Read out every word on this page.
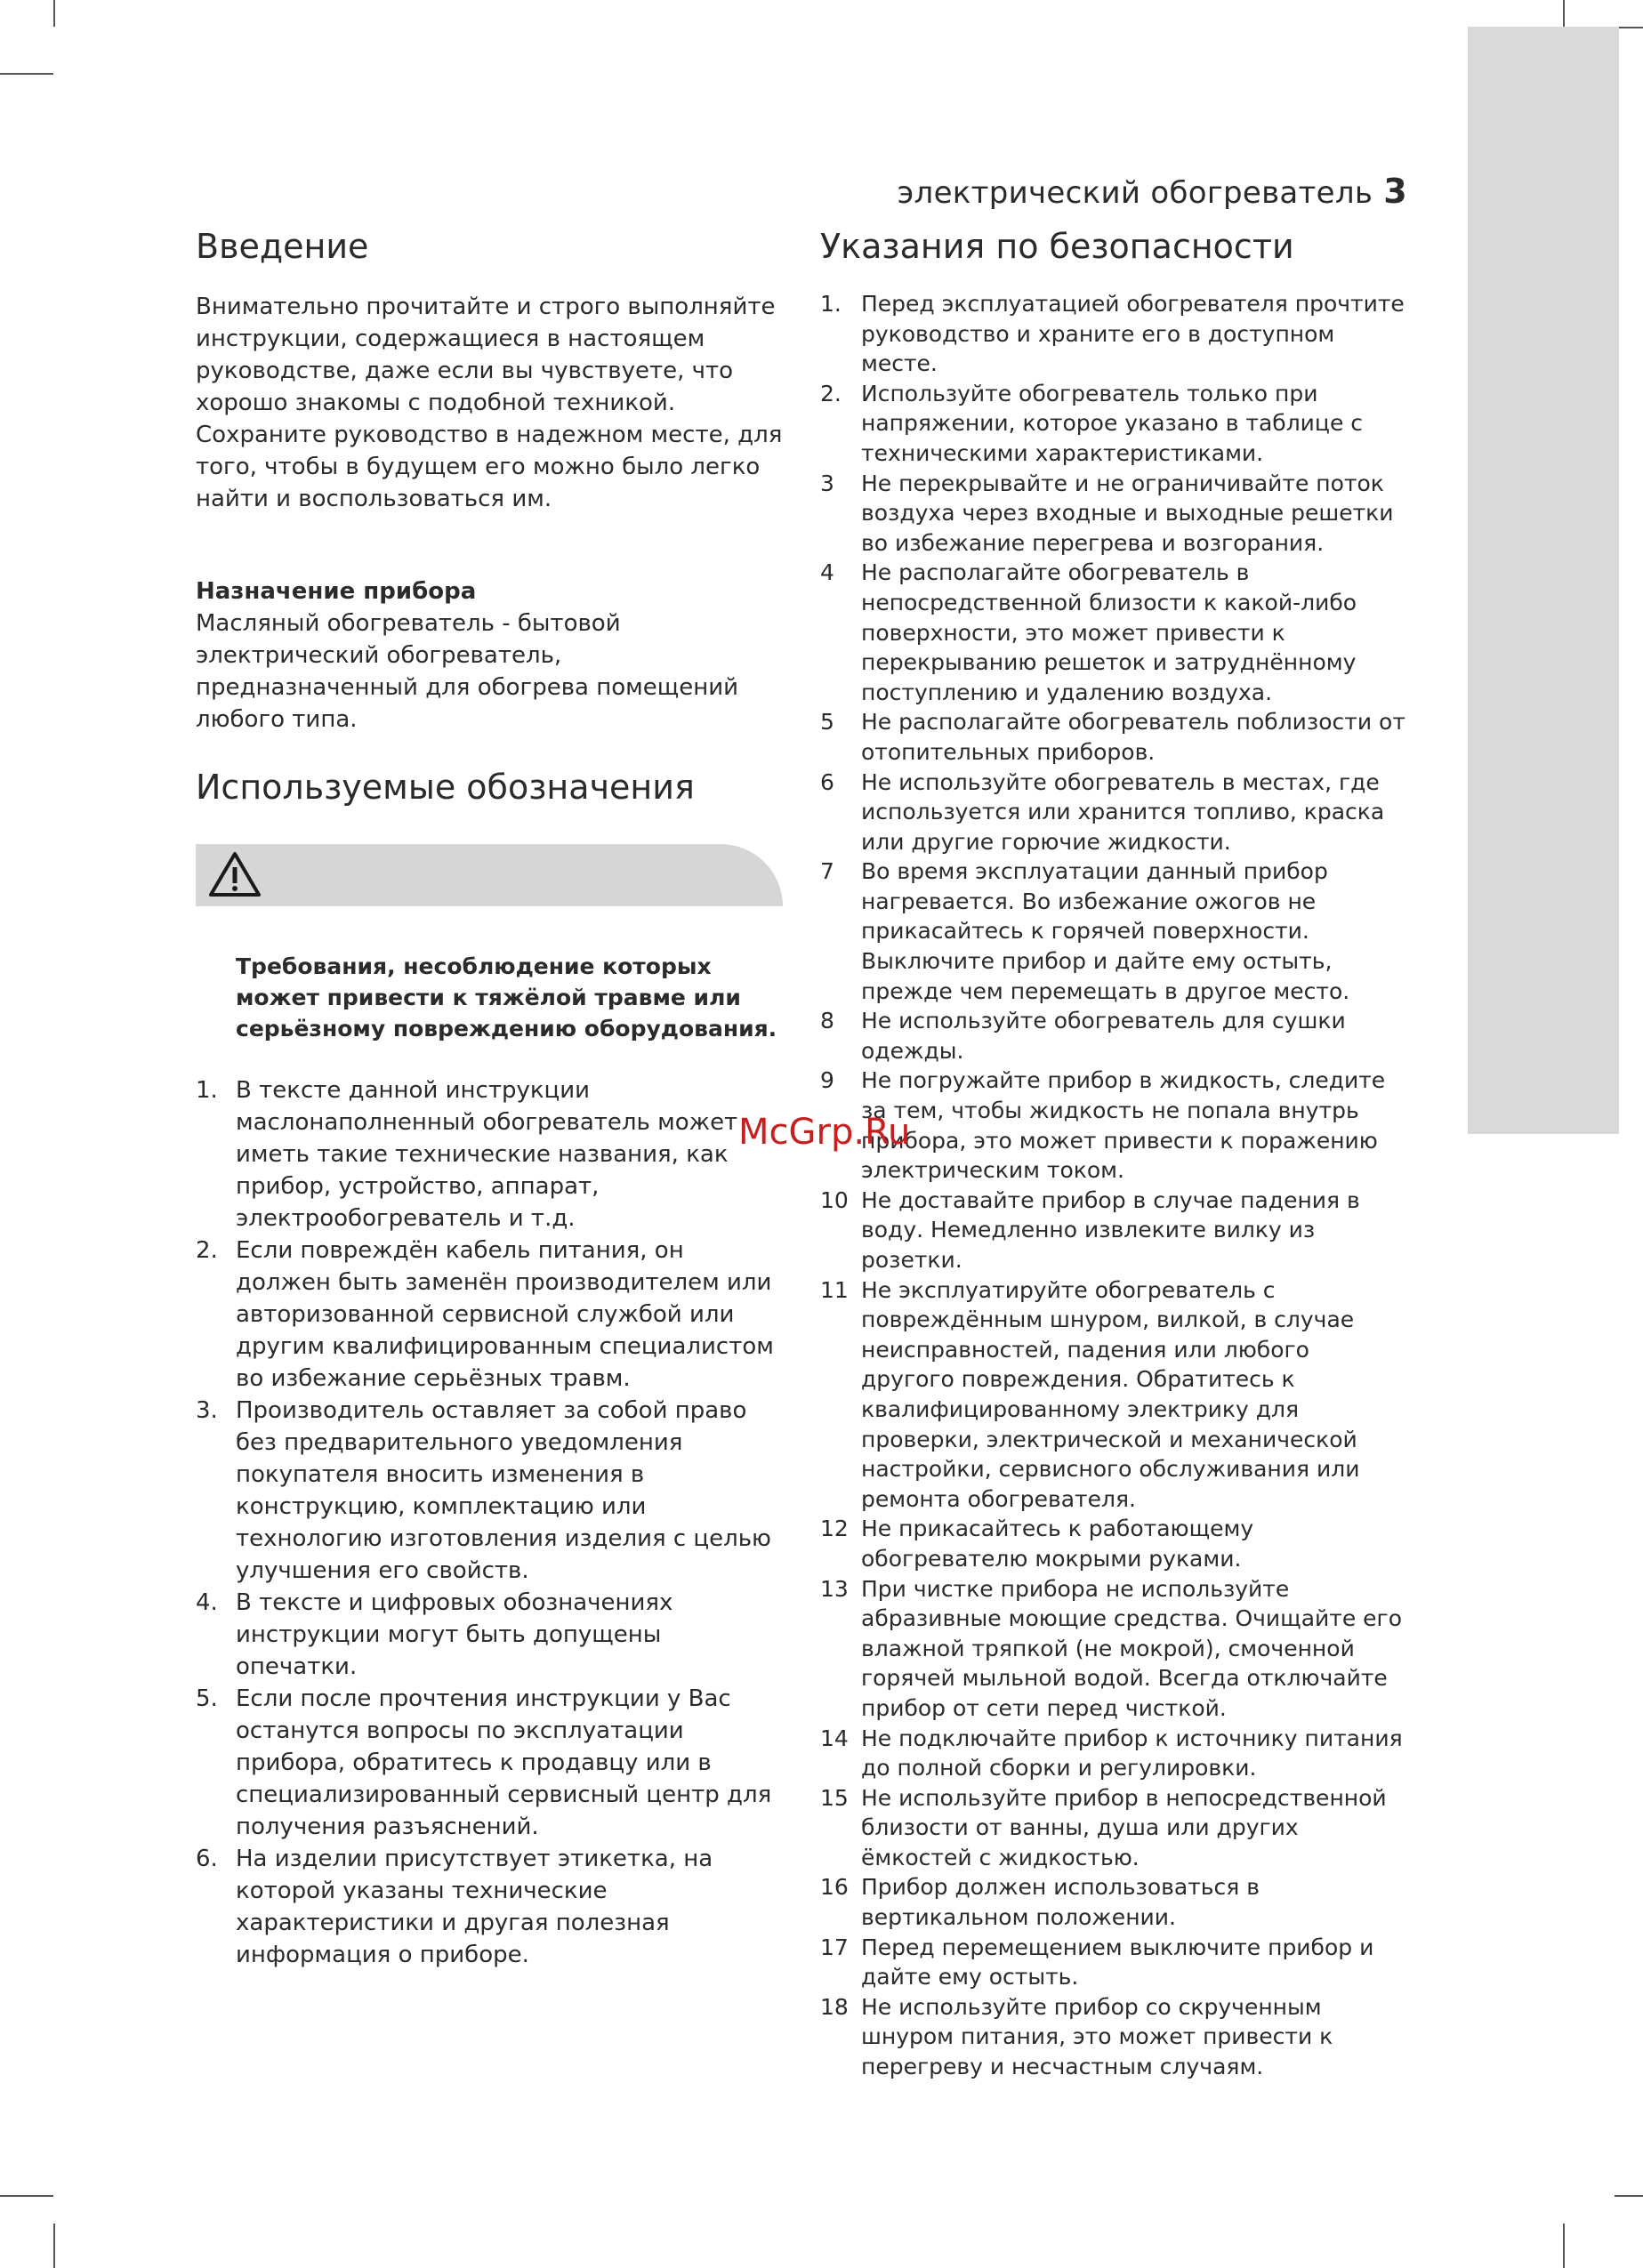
электрический обогреватель 3
Введение

Внимательно прочитайте и строго выполняйте инструкции, содержащиеся в настоящем руководстве, даже если вы чувствуете, что хорошо знакомы с подобной техникой. Сохраните руководство в надежном месте, для того, чтобы в будущем его можно было легко найти и воспользоваться им.

Назначение прибора

Масляный обогреватель - бытовой электрический обогреватель, предназначенный для обогрева помещений любого типа.

Используемые обозначения

Требования, несоблюдение которых может привести к тяжёлой травме или серьёзному повреждению оборудования.

1. В тексте данной инструкции маслонаполненный обогреватель может иметь такие технические названия, как прибор, устройство, аппарат, электрообогреватель и т.д.
2. Если повреждён кабель питания, он должен быть заменён производителем или авторизованной сервисной службой или другим квалифицированным специалистом во избежание серьёзных травм.
3. Производитель оставляет за собой право без предварительного уведомления покупателя вносить изменения в конструкцию, комплектацию или технологию изготовления изделия с целью улучшения его свойств.
4. В тексте и цифровых обозначениях инструкции могут быть допущены опечатки.
5. Если после прочтения инструкции у Вас останутся вопросы по эксплуатации прибора, обратитесь к продавцу или в специализированный сервисный центр для получения разъяснений.
6. На изделии присутствует этикетка, на которой указаны технические характеристики и другая полезная информация о приборе.
Указания по безопасности
1. Перед эксплуатацией обогревателя прочтите руководство и храните его в доступном месте.
2. Используйте обогреватель только при напряжении, которое указано в таблице с техническими характеристиками.
3 Не перекрывайте и не ограничивайте поток воздуха через входные и выходные решетки во избежание перегрева и возгорания.
4 Не располагайте обогреватель в непосредственной близости к какой-либо поверхности, это может привести к перекрыванию решеток и затруднённому поступлению и удалению воздуха.
5 Не располагайте обогреватель поблизости от отопительных приборов.
6 Не используйте обогреватель в местах, где используется или хранится топливо, краска или другие горючие жидкости.
7 Во время эксплуатации данный прибор нагревается. Во избежание ожогов не прикасайтесь к горячей поверхности. Выключите прибор и дайте ему остыть, прежде чем перемещать в другое место.
8 Не используйте обогреватель для сушки одежды.
9 Не погружайте прибор в жидкость, следите за тем, чтобы жидкость не попала внутрь прибора, это может привести к поражению электрическим током.
10 Не доставайте прибор в случае падения в воду. Немедленно извлеките вилку из розетки.
11 Не эксплуатируйте обогреватель с повреждённым шнуром, вилкой, в случае неисправностей, падения или любого другого повреждения. Обратитесь к квалифицированному электрику для проверки, электрической и механической настройки, сервисного обслуживания или ремонта обогревателя.
12 Не прикасайтесь к работающему обогревателю мокрыми руками.
13 При чистке прибора не используйте абразивные моющие средства. Очищайте его влажной тряпкой (не мокрой), смоченной горячей мыльной водой. Всегда отключайте прибор от сети перед чисткой.
14 Не подключайте прибор к источнику питания до полной сборки и регулировки.
15 Не используйте прибор в непосредственной близости от ванны, душа или других ёмкостей с жидкостью.
16 Прибор должен использоваться в вертикальном положении.
17 Перед перемещением выключите прибор и дайте ему остыть.
18 Не используйте прибор со скрученным шнуром питания, это может привести к перегреву и несчастным случаям.
McGrp.Ru
